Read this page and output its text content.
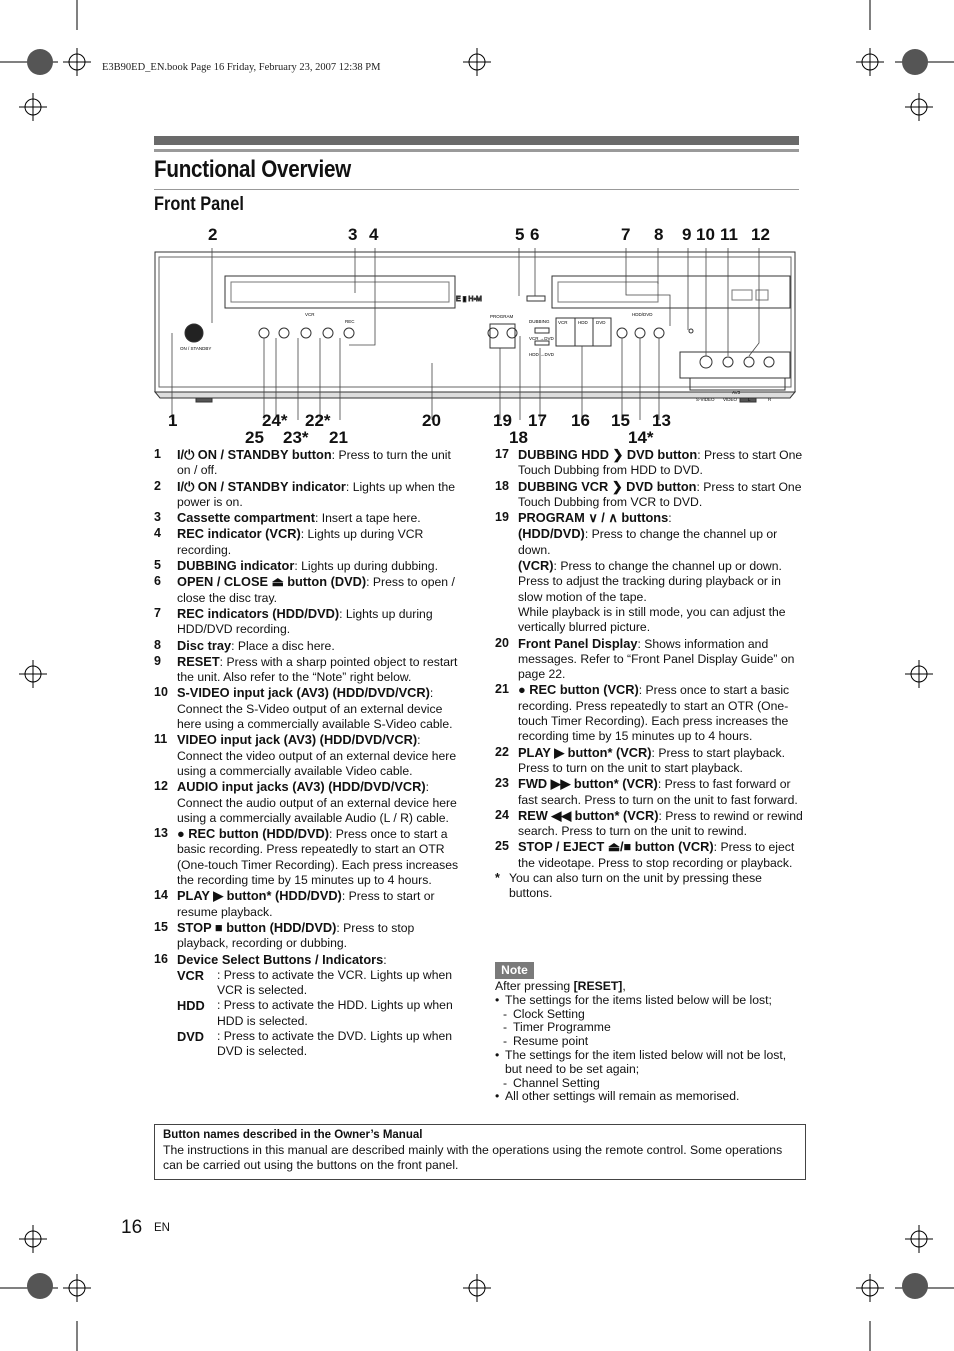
E3B90ED_EN.book Page 16 Friday, February 23, 2007 12:38 PM
Functional Overview
Front Panel
2	3 4	5 6	7 8 9 10 11 12
E ▮ H◦M
ON / STANDBY
VCR
REC
PROGRAM
DUBBING VCR HDD DVD
HDD/DVD
VCR →DVD
HDD →DVD
AV3
S-VIDEO VIDEO L	R
1	24* 22*	20	19 17 16 15 13
25 23* 21	18	14*
1	I/⏻ ON / STANDBY button: Press to turn the unit on / off.
2	I/⏻ ON / STANDBY indicator: Lights up when the power is on.
3	Cassette compartment: Insert a tape here.
4	REC indicator (VCR): Lights up during VCR recording.
5	DUBBING indicator: Lights up during dubbing.
6	OPEN / CLOSE ⏏ button (DVD): Press to open / close the disc tray.
7	REC indicators (HDD/DVD): Lights up during HDD/DVD recording.
8	Disc tray: Place a disc here.
9	RESET: Press with a sharp pointed object to restart the unit. Also refer to the “Note” right below.
10 S-VIDEO input jack (AV3) (HDD/DVD/VCR): Connect the S-Video output of an external device here using a commercially available S-Video cable.
11 VIDEO input jack (AV3) (HDD/DVD/VCR): Connect the video output of an external device here using a commercially available Video cable.
12 AUDIO input jacks (AV3) (HDD/DVD/VCR): Connect the audio output of an external device here using a commercially available Audio (L / R) cable.
13 ● REC button (HDD/DVD): Press once to start a basic recording. Press repeatedly to start an OTR (One-touch Timer Recording). Each press increases the recording time by 15 minutes up to 4 hours.
14 PLAY ▶ button* (HDD/DVD): Press to start or resume playback.
15 STOP ■ button (HDD/DVD): Press to stop playback, recording or dubbing.
16 Device Select Buttons / Indicators:
VCR	: Press to activate the VCR. Lights up when VCR is selected.
HDD	: Press to activate the HDD. Lights up when HDD is selected.
DVD	: Press to activate the DVD. Lights up when DVD is selected.
17 DUBBING HDD ❯ DVD button: Press to start One Touch Dubbing from HDD to DVD.
18 DUBBING VCR ❯ DVD button: Press to start One Touch Dubbing from VCR to DVD.
19 PROGRAM ∨ / ∧ buttons:
(HDD/DVD): Press to change the channel up or down.
(VCR): Press to change the channel up or down. Press to adjust the tracking during playback or in slow motion of the tape.
While playback is in still mode, you can adjust the vertically blurred picture.
20 Front Panel Display: Shows information and messages. Refer to “Front Panel Display Guide” on page 22.
21 ● REC button (VCR): Press once to start a basic recording. Press repeatedly to start an OTR (One-touch Timer Recording). Each press increases the recording time by 15 minutes up to 4 hours.
22 PLAY ▶ button* (VCR): Press to start playback. Press to turn on the unit to start playback.
23 FWD ▶▶ button* (VCR): Press to fast forward or fast search. Press to turn on the unit to fast forward.
24 REW ◀◀ button* (VCR): Press to rewind or rewind search. Press to turn on the unit to rewind.
25 STOP / EJECT ⏏/■ button (VCR): Press to eject the videotape. Press to stop recording or playback.
* You can also turn on the unit by pressing these buttons.
Note
After pressing [RESET],
• The settings for the items listed below will be lost;
- Clock Setting
- Timer Programme
- Resume point
• The settings for the item listed below will not be lost, but need to be set again;
- Channel Setting
• All other settings will remain as memorised.
Button names described in the Owner’s Manual
The instructions in this manual are described mainly with the operations using the remote control. Some operations can be carried out using the buttons on the front panel.
16 EN
